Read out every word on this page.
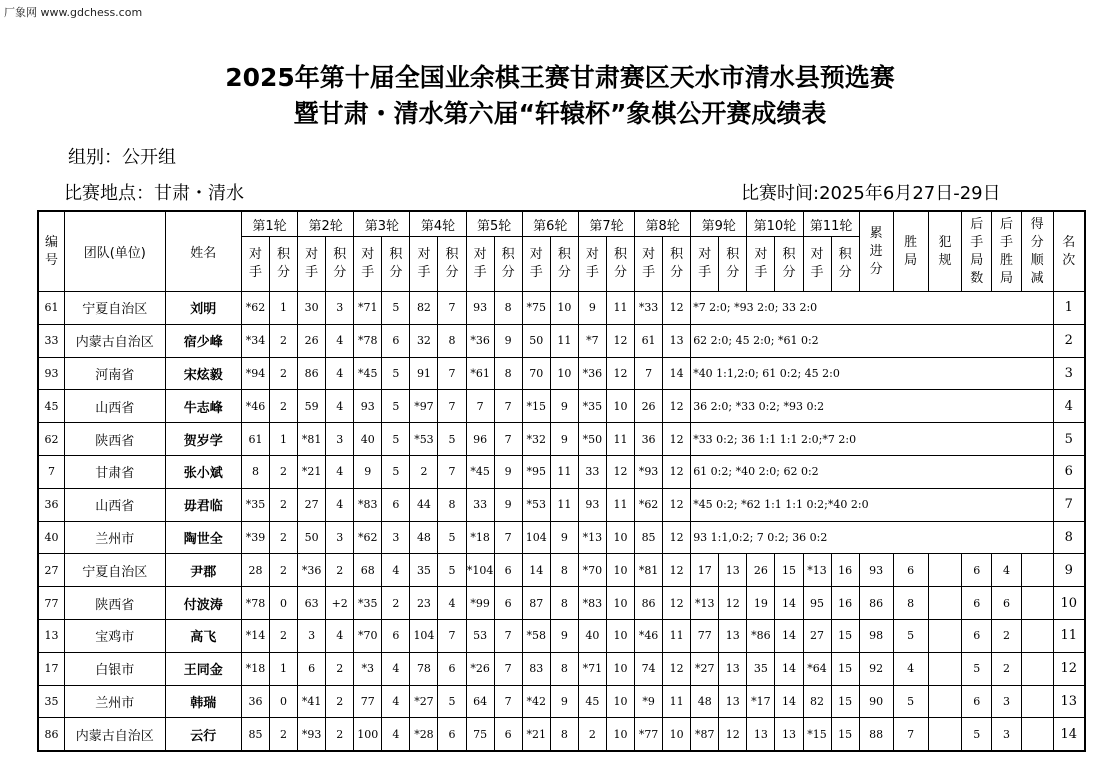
厂象网 www.gdchess.com
2025年第十届全国业余棋王赛甘肃赛区天水市清水县预选赛
暨甘肃・清水第六届“轩辕杯”象棋公开赛成绩表
组别：公开组
比赛地点：甘肃・清水	比赛时间:2025年6月27日-29日
编号	团队(单位)	姓名	第1轮		第2轮		第3轮		第4轮		第5轮		第6轮		第7轮		第8轮		第9轮		第10轮		第11轮		累进分	胜局	犯规	后手局数	后手胜局	得分顺减	名次
			对手	积分	对手	积分	对手	积分	对手	积分	对手	积分	对手	积分	对手	积分	对手	积分	对手	积分	对手	积分	对手	积分							
61	宁夏自治区	刘明	*62	1	30	3	*71	5	82	7	93	8	*75	10	9	11	*33	12	*7 2:0; *93 2:0; 33 2:0												1
33	内蒙古自治区	宿少峰	*34	2	26	4	*78	6	32	8	*36	9	50	11	*7	12	61	13	62 2:0; 45 2:0; *61 0:2												2
93	河南省	宋炫毅	*94	2	86	4	*45	5	91	7	*61	8	70	10	*36	12	7	14	*40 1:1,2:0; 61 0:2; 45 2:0												3
45	山西省	牛志峰	*46	2	59	4	93	5	*97	7	7	7	*15	9	*35	10	26	12	36 2:0; *33 0:2; *93 0:2												4
62	陕西省	贺岁学	61	1	*81	3	40	5	*53	5	96	7	*32	9	*50	11	36	12	*33 0:2; 36 1:1 1:1 2:0;*7 2:0												5
7	甘肃省	张小斌	8	2	*21	4	9	5	2	7	*45	9	*95	11	33	12	*93	12	61 0:2; *40 2:0; 62 0:2												6
36	山西省	毋君临	*35	2	27	4	*83	6	44	8	33	9	*53	11	93	11	*62	12	*45 0:2; *62 1:1 1:1 0:2;*40 2:0												7
40	兰州市	陶世全	*39	2	50	3	*62	3	48	5	*18	7	104	9	*13	10	85	12	93 1:1,0:2; 7 0:2; 36 0:2												8
27	宁夏自治区	尹郡	28	2	*36	2	68	4	35	5	*104	6	14	8	*70	10	*81	12	17	13	26	15	*13	16	93	6		6	4		9
77	陕西省	付波涛	*78	0	63	+2	*35	2	23	4	*99	6	87	8	*83	10	86	12	*13	12	19	14	95	16	86	8		6	6		10
13	宝鸡市	高飞	*14	2	3	4	*70	6	104	7	53	7	*58	9	40	10	*46	11	77	13	*86	14	27	15	98	5		6	2		11
17	白银市	王同金	*18	1	6	2	*3	4	78	6	*26	7	83	8	*71	10	74	12	*27	13	35	14	*64	15	92	4		5	2		12
35	兰州市	韩瑞	36	0	*41	2	77	4	*27	5	64	7	*42	9	45	10	*9	11	48	13	*17	14	82	15	90	5		6	3		13
86	内蒙古自治区	云行	85	2	*93	2	100	4	*28	6	75	6	*21	8	2	10	*77	10	*87	12	13	13	*15	15	88	7		5	3		14
